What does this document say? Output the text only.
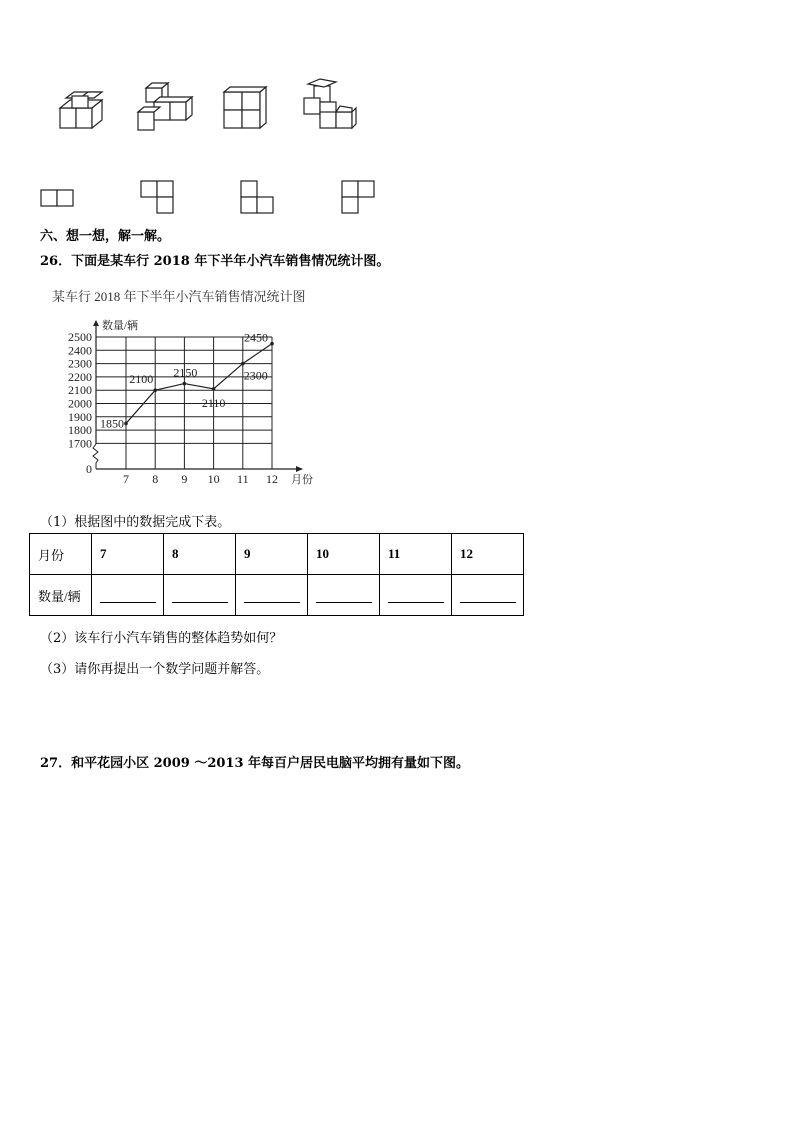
六、想一想，解一解。
26．下面是某车行 2018 年下半年小汽车销售情况统计图。
某车行 2018 年下半年小汽车销售情况统计图
2500
2400
2300
2200
2100
2000
1900
1800
1700
0
7 8 9 10 11 12
1850
2100 2150
2110
2300
2450
数量/辆
月份
（1）根据图中的数据完成下表。
月份	7	8	9	10	11	12
数量/辆						
（2）该车行小汽车销售的整体趋势如何？
（3）请你再提出一个数学问题并解答。
27．和平花园小区 2009 ～2013 年每百户居民电脑平均拥有量如下图。
